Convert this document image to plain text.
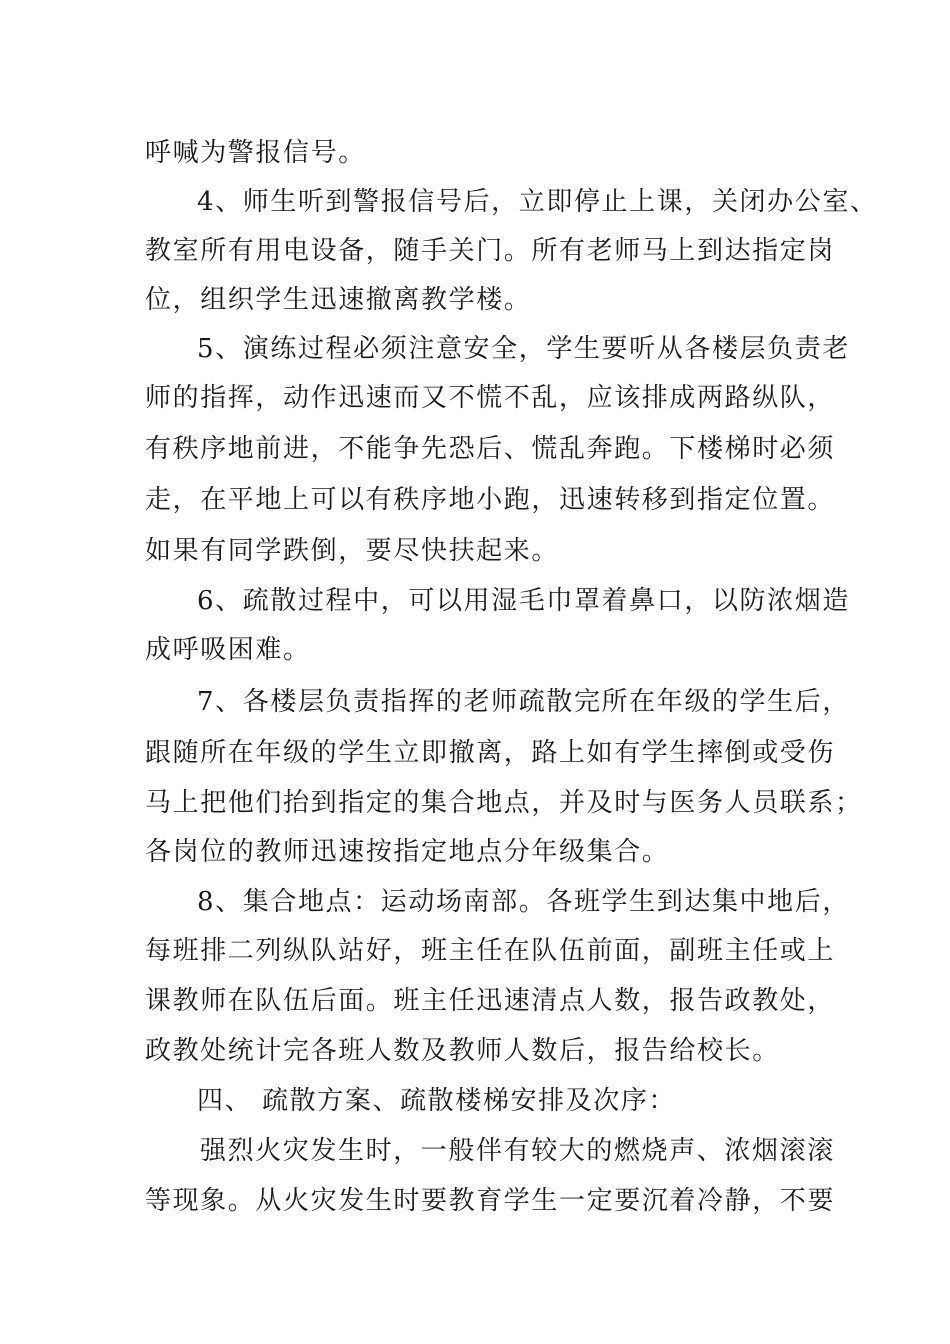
呼喊为警报信号。
4、师生听到警报信号后，立即停止上课，关闭办公室、
教室所有用电设备，随手关门。所有老师马上到达指定岗
位，组织学生迅速撤离教学楼。
5、演练过程必须注意安全，学生要听从各楼层负责老
师的指挥，动作迅速而又不慌不乱，应该排成两路纵队，
有秩序地前进，不能争先恐后、慌乱奔跑。下楼梯时必须
走，在平地上可以有秩序地小跑，迅速转移到指定位置。
如果有同学跌倒，要尽快扶起来。
6、疏散过程中，可以用湿毛巾罩着鼻口，以防浓烟造
成呼吸困难。
7、各楼层负责指挥的老师疏散完所在年级的学生后，
跟随所在年级的学生立即撤离，路上如有学生摔倒或受伤
马上把他们抬到指定的集合地点，并及时与医务人员联系；
各岗位的教师迅速按指定地点分年级集合。
8、集合地点：运动场南部。各班学生到达集中地后，
每班排二列纵队站好，班主任在队伍前面，副班主任或上
课教师在队伍后面。班主任迅速清点人数，报告政教处，
政教处统计完各班人数及教师人数后，报告给校长。
四、 疏散方案、疏散楼梯安排及次序：
强烈火灾发生时，一般伴有较大的燃烧声、浓烟滚滚
等现象。从火灾发生时要教育学生一定要沉着冷静，不要
